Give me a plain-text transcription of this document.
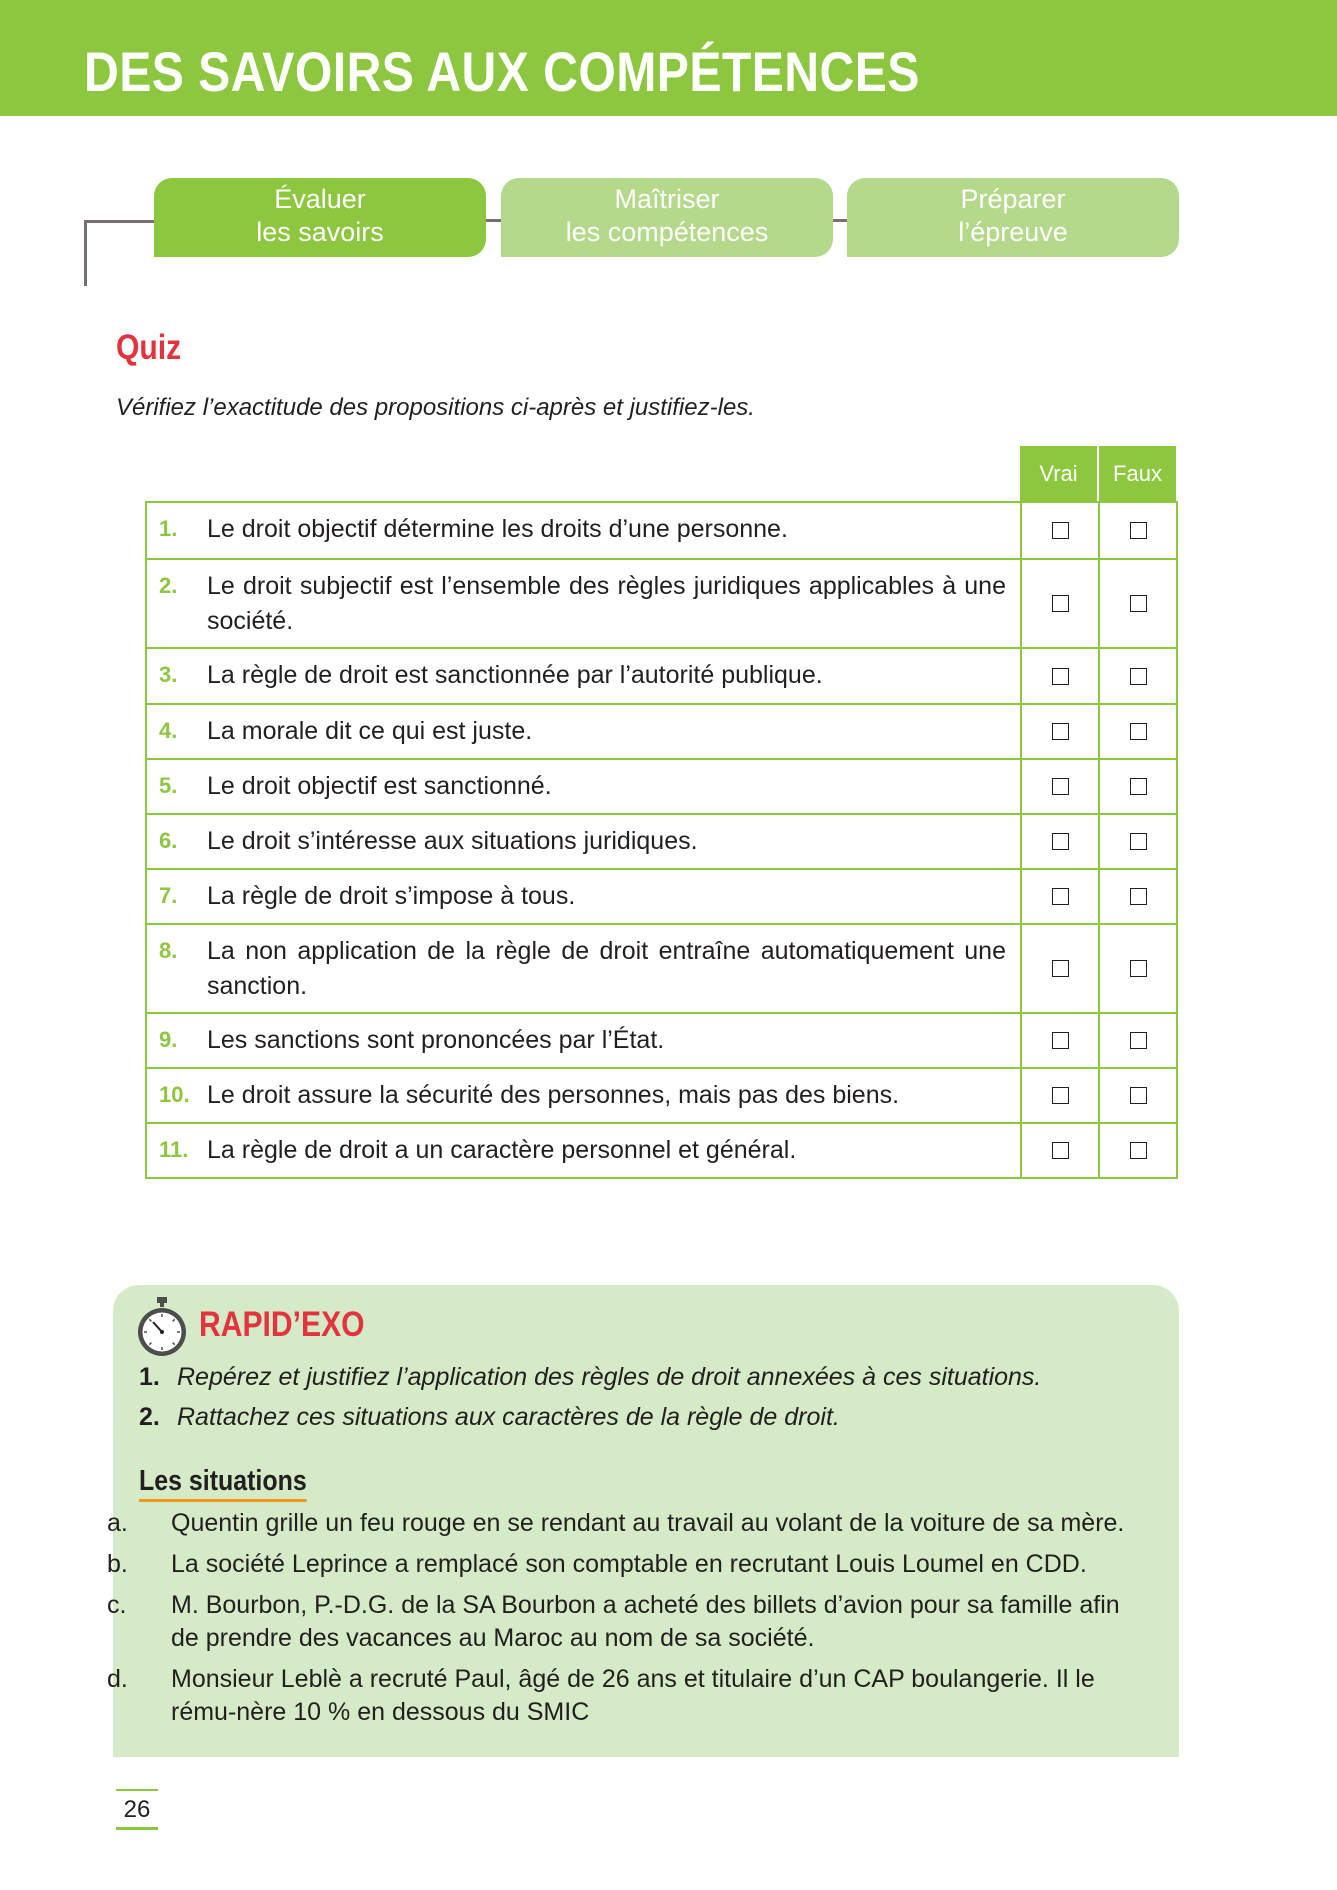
DES SAVOIRS AUX COMPÉTENCES
Évaluer
les savoirs
Maîtriser
les compétences
Préparer
l’épreuve
Quiz

Vérifiez l’exactitude des propositions ci-après et justifiez-les.

Vrai	Faux
1.	Le droit objectif détermine les droits d’une personne.
2.	Le droit subjectif est l’ensemble des règles juridiques applicables à une société.
3.	La règle de droit est sanctionnée par l’autorité publique.
4.	La morale dit ce qui est juste.
5.	Le droit objectif est sanctionné.
6.	Le droit s’intéresse aux situations juridiques.
7.	La règle de droit s’impose à tous.
8.	La non application de la règle de droit entraîne automatiquement une sanction.
9.	Les sanctions sont prononcées par l’État.
10. Le droit assure la sécurité des personnes, mais pas des biens.
11. La règle de droit a un caractère personnel et général.
RAPID’EXO
1. Repérez et justifiez l’application des règles de droit annexées à ces situations.
2. Rattachez ces situations aux caractères de la règle de droit.
Les situations
a. Quentin grille un feu rouge en se rendant au travail au volant de la voiture de sa mère.
b. La société Leprince a remplacé son comptable en recrutant Louis Loumel en CDD.
c. M. Bourbon, P.-D.G. de la SA Bourbon a acheté des billets d’avion pour sa famille afin de prendre des vacances au Maroc au nom de sa société.
d. Monsieur Leblè a recruté Paul, âgé de 26 ans et titulaire d’un CAP boulangerie. Il le rému-nère 10 % en dessous du SMIC
26
